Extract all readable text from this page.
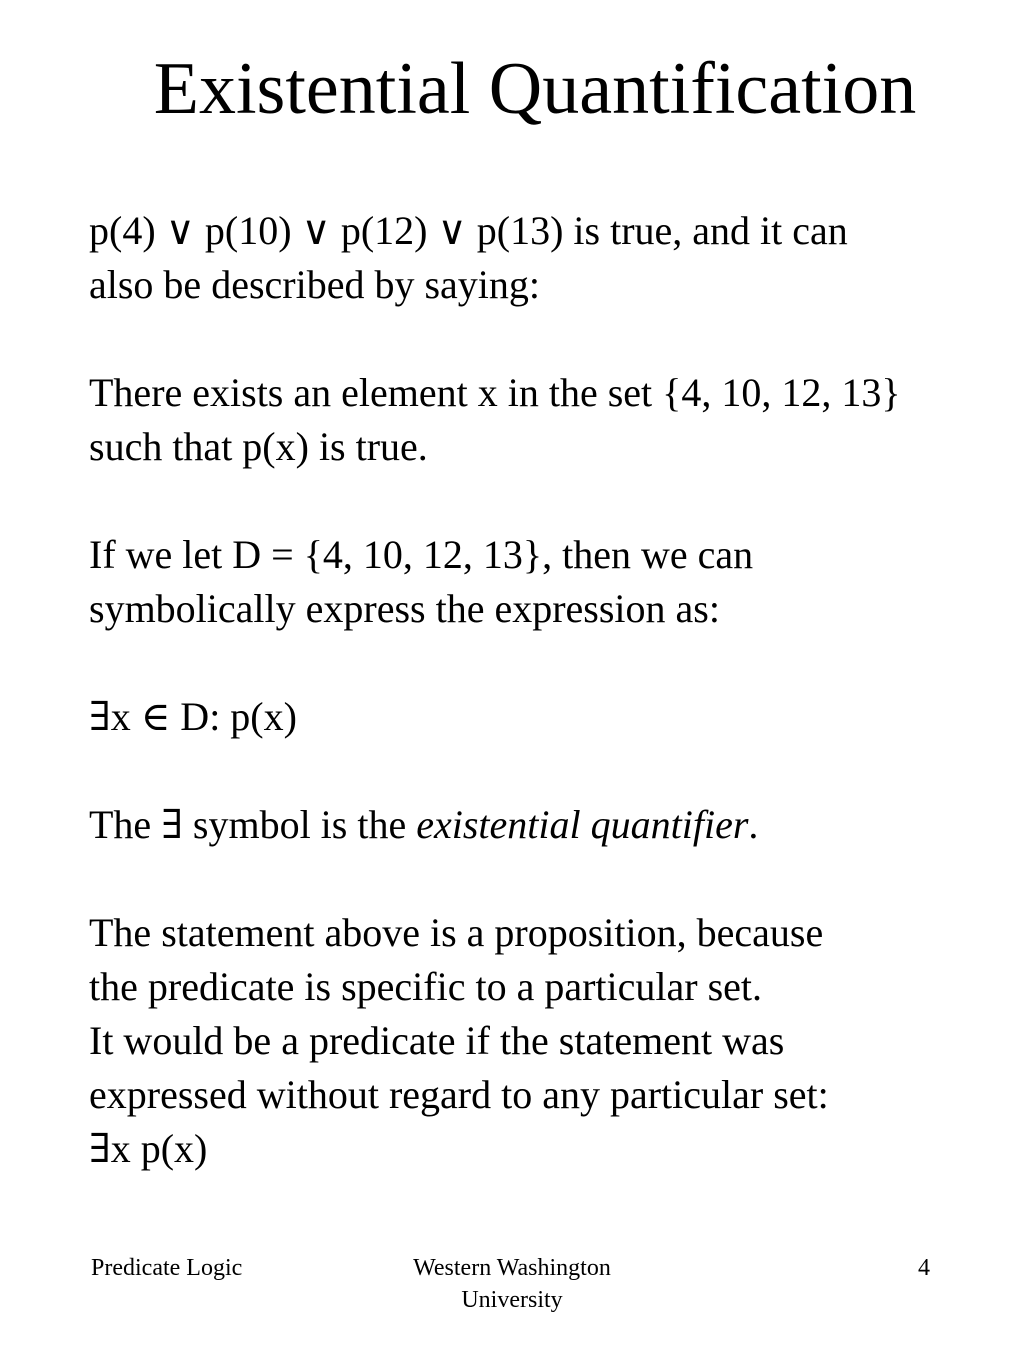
Existential Quantification
p(4) ∨ p(10) ∨ p(12) ∨ p(13) is true, and it can
also be described by saying:
There exists an element x in the set {4, 10, 12, 13}
such that p(x) is true.
If we let D = {4, 10, 12, 13}, then we can
symbolically express the expression as:
∃x ∈ D: p(x)
The ∃ symbol is the existential quantifier.
The statement above is a proposition, because
the predicate is specific to a particular set.
It would be a predicate if the statement was
expressed without regard to any particular set:
∃x p(x)
Predicate Logic	Western Washington
University
4
